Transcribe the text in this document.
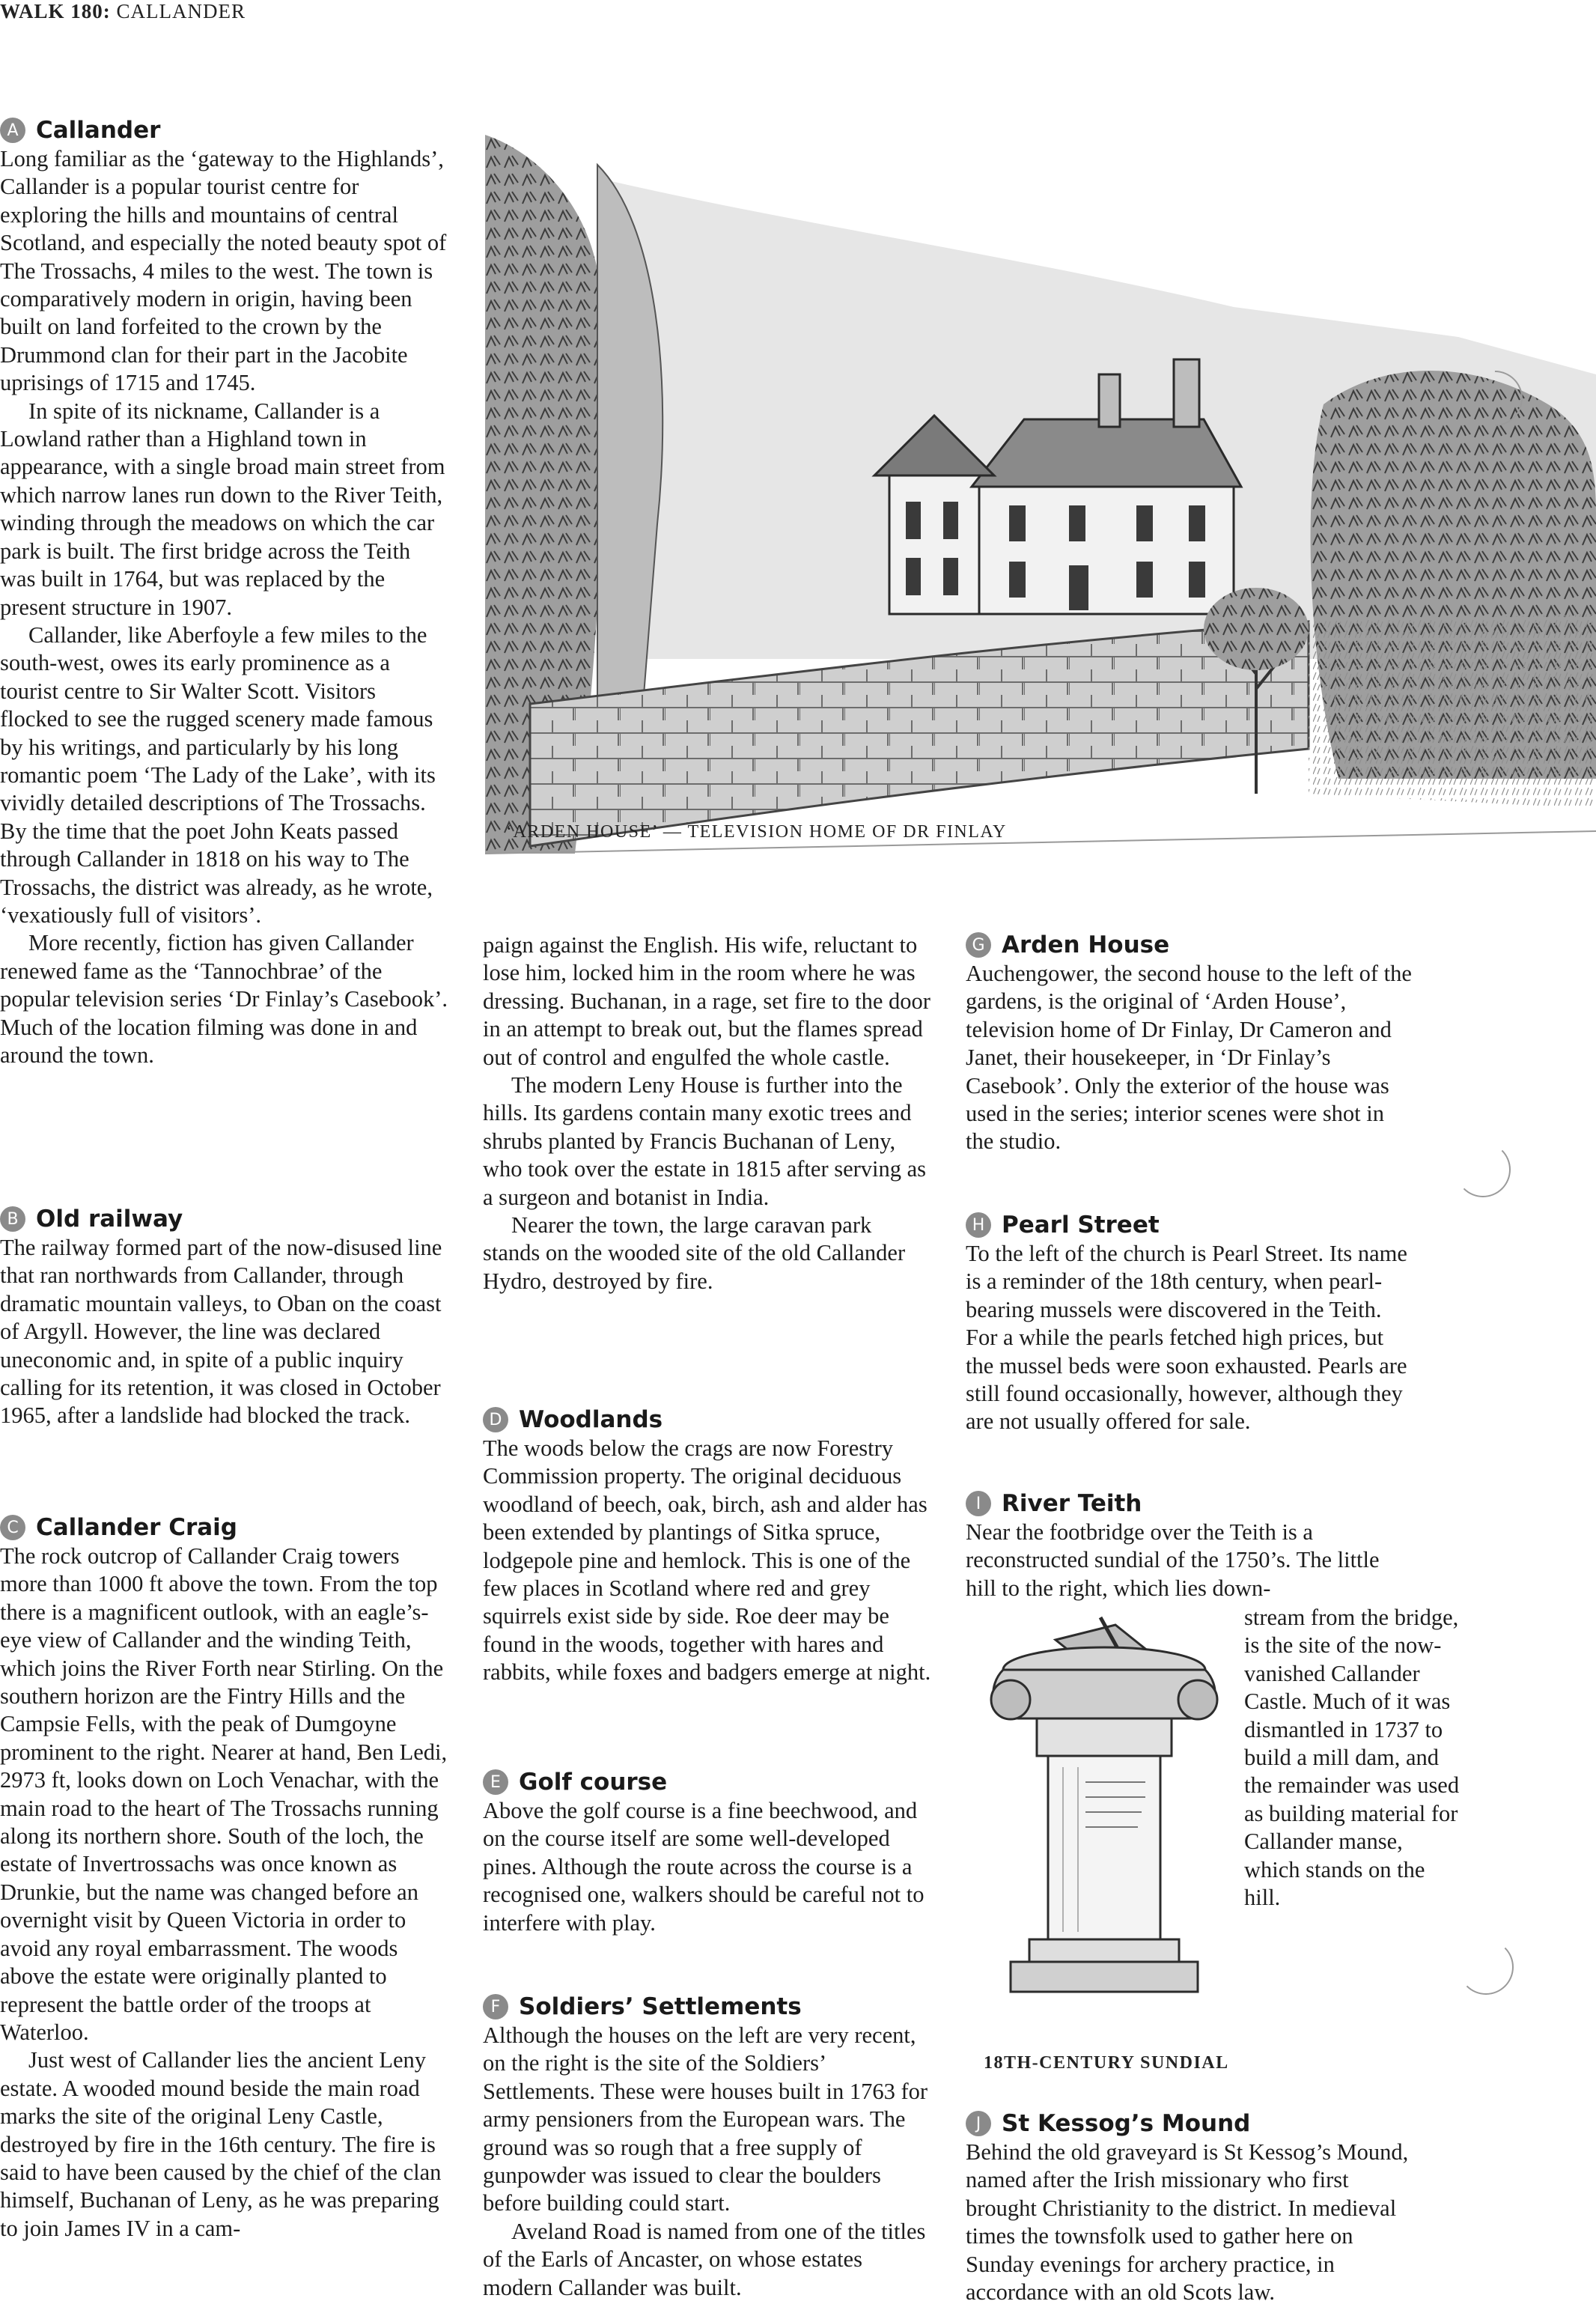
WALK 180: CALLANDER
A Callander

Long familiar as the ‘gateway to the Highlands’, Callander is a popular tourist centre for exploring the hills and mountains of central Scotland, and especially the noted beauty spot of The Trossachs, 4 miles to the west. The town is comparatively modern in origin, having been built on land forfeited to the crown by the Drummond clan for their part in the Jacobite uprisings of 1715 and 1745.

In spite of its nickname, Callander is a Lowland rather than a Highland town in appearance, with a single broad main street from which narrow lanes run down to the River Teith, winding through the meadows on which the car park is built. The first bridge across the Teith was built in 1764, but was replaced by the present structure in 1907.

Callander, like Aberfoyle a few miles to the south-west, owes its early prominence as a tourist centre to Sir Walter Scott. Visitors flocked to see the rugged scenery made famous by his writings, and particularly by his long romantic poem ‘The Lady of the Lake’, with its vividly detailed descriptions of The Trossachs. By the time that the poet John Keats passed through Callander in 1818 on his way to The Trossachs, the district was already, as he wrote, ‘vexatiously full of visitors’.

More recently, fiction has given Callander renewed fame as the ‘Tannochbrae’ of the popular television series ‘Dr Finlay’s Casebook’. Much of the location filming was done in and around the town.

B Old railway

The railway formed part of the now-disused line that ran northwards from Callander, through dramatic mountain valleys, to Oban on the coast of Argyll. However, the line was declared uneconomic and, in spite of a public inquiry calling for its retention, it was closed in October 1965, after a landslide had blocked the track.

C Callander Craig

The rock outcrop of Callander Craig towers more than 1000 ft above the town. From the top there is a magnificent outlook, with an eagle’s-eye view of Callander and the winding Teith, which joins the River Forth near Stirling. On the southern horizon are the Fintry Hills and the Campsie Fells, with the peak of Dumgoyne prominent to the right. Nearer at hand, Ben Ledi, 2973 ft, looks down on Loch Venachar, with the main road to the heart of The Trossachs running along its northern shore. South of the loch, the estate of Invertrossachs was once known as Drunkie, but the name was changed before an overnight visit by Queen Victoria in order to avoid any royal embarrassment. The woods above the estate were originally planted to represent the battle order of the troops at Waterloo.

Just west of Callander lies the ancient Leny estate. A wooded mound beside the main road marks the site of the original Leny Castle, destroyed by fire in the 16th century. The fire is said to have been caused by the chief of the clan himself, Buchanan of Leny, as he was preparing to join James IV in a cam-

‘ARDEN HOUSE’ — TELEVISION HOME OF DR FINLAY

paign against the English. His wife, reluctant to lose him, locked him in the room where he was dressing. Buchanan, in a rage, set fire to the door in an attempt to break out, but the flames spread out of control and engulfed the whole castle.

The modern Leny House is further into the hills. Its gardens contain many exotic trees and shrubs planted by Francis Buchanan of Leny, who took over the estate in 1815 after serving as a surgeon and botanist in India.

Nearer the town, the large caravan park stands on the wooded site of the old Callander Hydro, destroyed by fire.

D Woodlands

The woods below the crags are now Forestry Commission property. The original deciduous woodland of beech, oak, birch, ash and alder has been extended by plantings of Sitka spruce, lodgepole pine and hemlock. This is one of the few places in Scotland where red and grey squirrels exist side by side. Roe deer may be found in the woods, together with hares and rabbits, while foxes and badgers emerge at night.

E Golf course

Above the golf course is a fine beechwood, and on the course itself are some well-developed pines. Although the route across the course is a recognised one, walkers should be careful not to interfere with play.

F Soldiers’ Settlements

Although the houses on the left are very recent, on the right is the site of the Soldiers’ Settlements. These were houses built in 1763 for army pensioners from the European wars. The ground was so rough that a free supply of gunpowder was issued to clear the boulders before building could start.

Aveland Road is named from one of the titles of the Earls of Ancaster, on whose estates modern Callander was built.

G Arden House

Auchengower, the second house to the left of the gardens, is the original of ‘Arden House’, television home of Dr Finlay, Dr Cameron and Janet, their housekeeper, in ‘Dr Finlay’s Casebook’. Only the exterior of the house was used in the series; interior scenes were shot in the studio.

H Pearl Street

To the left of the church is Pearl Street. Its name is a reminder of the 18th century, when pearl-bearing mussels were discovered in the Teith. For a while the pearls fetched high prices, but the mussel beds were soon exhausted. Pearls are still found occasionally, however, although they are not usually offered for sale.

I River Teith

Near the footbridge over the Teith is a reconstructed sundial of the 1750’s. The little hill to the right, which lies down-

J St Kessog’s Mound

Behind the old graveyard is St Kessog’s Mound, named after the Irish missionary who first brought Christianity to the district. In medieval times the townsfolk used to gather here on Sunday evenings for archery practice, in accordance with an old Scots law.

18TH-CENTURY SUNDIAL

stream from the bridge, is the site of the now-vanished Callander Castle. Much of it was dismantled in 1737 to build a mill dam, and the remainder was used as building material for Callander manse, which stands on the hill.
